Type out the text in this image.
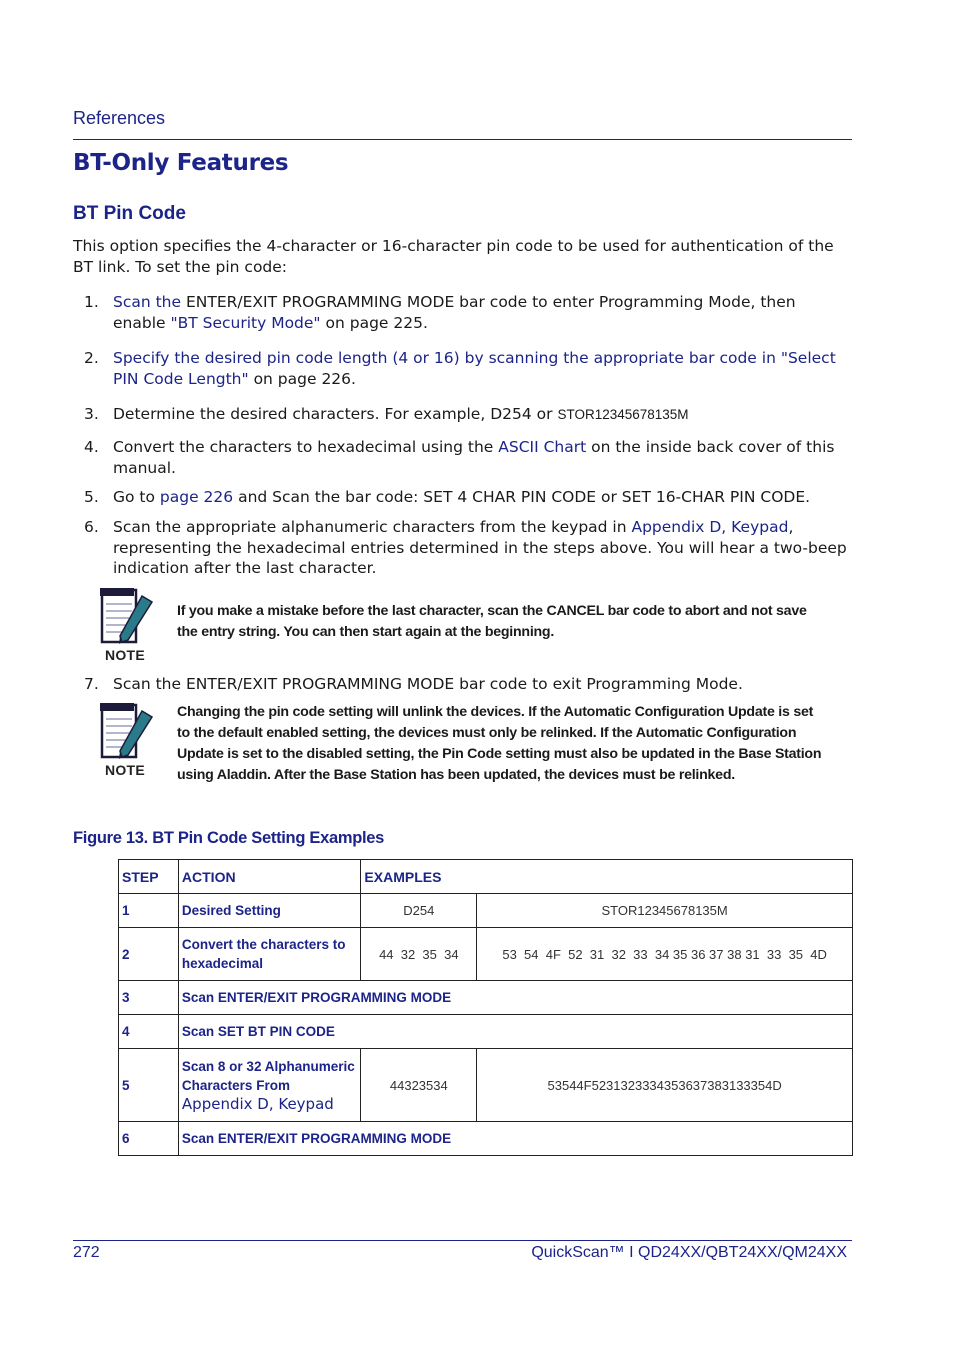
References
BT-Only Features
BT Pin Code
This option specifies the 4-character or 16-character pin code to be used for authentication of the BT link. To set the pin code:
1. Scan the ENTER/EXIT PROGRAMMING MODE bar code to enter Programming Mode, then enable "BT Security Mode" on page 225.
2. Specify the desired pin code length (4 or 16) by scanning the appropriate bar code in "Select PIN Code Length" on page 226.
3. Determine the desired characters. For example, D254 or STOR12345678135M
4. Convert the characters to hexadecimal using the ASCII Chart on the inside back cover of this manual.
5. Go to page 226 and Scan the bar code: SET 4 CHAR PIN CODE or SET 16-CHAR PIN CODE.
6. Scan the appropriate alphanumeric characters from the keypad in Appendix D, Keypad, representing the hexadecimal entries determined in the steps above. You will hear a two-beep indication after the last character.
NOTE
If you make a mistake before the last character, scan the CANCEL bar code to abort and not save the entry string. You can then start again at the beginning.
7. Scan the ENTER/EXIT PROGRAMMING MODE bar code to exit Programming Mode.
NOTE
Changing the pin code setting will unlink the devices. If the Automatic Configuration Update is set to the default enabled setting, the devices must only be relinked. If the Automatic Configuration Update is set to the disabled setting, the Pin Code setting must also be updated in the Base Station using Aladdin. After the Base Station has been updated, the devices must be relinked.
Figure 13. BT Pin Code Setting Examples
STEP	ACTION	EXAMPLES	
1	Desired Setting	D254	STOR12345678135M
2	Convert the characters to hexadecimal	44  32  35  34	53  54  4F  52  31  32  33  34 35 36 37 38 31  33  35  4D
3	Scan ENTER/EXIT PROGRAMMING MODE		
4	Scan SET BT PIN CODE		
5	Scan 8 or 32 Alphanumeric Characters From
Appendix D, Keypad	44323534	53544F5231323334353637383133354D
6	Scan ENTER/EXIT PROGRAMMING MODE		
272	QuickScan™ I QD24XX/QBT24XX/QM24XX
